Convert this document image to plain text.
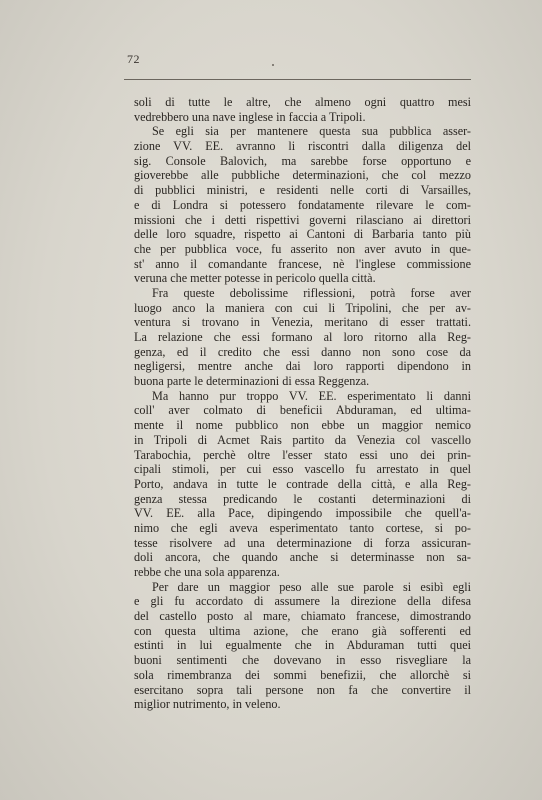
72
soli di tutte le altre, che almeno ogni quattro mesi
vedrebbero una nave inglese in faccia a Tripoli.
Se egli sia per mantenere questa sua pubblica asser-
zione VV. EE. avranno li riscontri dalla diligenza del
sig. Console Balovich, ma sarebbe forse opportuno e
gioverebbe alle pubbliche determinazioni, che col mezzo
di pubblici ministri, e residenti nelle corti di Varsailles,
e di Londra si potessero fondatamente rilevare le com-
missioni che i detti rispettivi governi rilasciano ai direttori
delle loro squadre, rispetto ai Cantoni di Barbaria tanto più
che per pubblica voce, fu asserito non aver avuto in que-
st' anno il comandante francese, nè l'inglese commissione
veruna che metter potesse in pericolo quella città.
Fra queste debolissime riflessioni, potrà forse aver
luogo anco la maniera con cui li Tripolini, che per av-
ventura si trovano in Venezia, meritano di esser trattati.
La relazione che essi formano al loro ritorno alla Reg-
genza, ed il credito che essi danno non sono cose da
negligersi, mentre anche dai loro rapporti dipendono in
buona parte le determinazioni di essa Reggenza.
Ma hanno pur troppo VV. EE. esperimentato li danni
coll' aver colmato di beneficii Abduraman, ed ultima-
mente il nome pubblico non ebbe un maggior nemico
in Tripoli di Acmet Rais partito da Venezia col vascello
Tarabochia, perchè oltre l'esser stato essi uno dei prin-
cipali stimoli, per cui esso vascello fu arrestato in quel
Porto, andava in tutte le contrade della città, e alla Reg-
genza stessa predicando le costanti determinazioni di
VV. EE. alla Pace, dipingendo impossibile che quell'a-
nimo che egli aveva esperimentato tanto cortese, si po-
tesse risolvere ad una determinazione di forza assicuran-
doli ancora, che quando anche si determinasse non sa-
rebbe che una sola apparenza.
Per dare un maggior peso alle sue parole si esibì egli
e gli fu accordato di assumere la direzione della difesa
del castello posto al mare, chiamato francese, dimostrando
con questa ultima azione, che erano già sofferenti ed
estinti in lui egualmente che in Abduraman tutti quei
buoni sentimenti che dovevano in esso risvegliare la
sola rimembranza dei sommi benefizii, che allorchè si
esercitano sopra tali persone non fa che convertire il
miglior nutrimento, in veleno.
